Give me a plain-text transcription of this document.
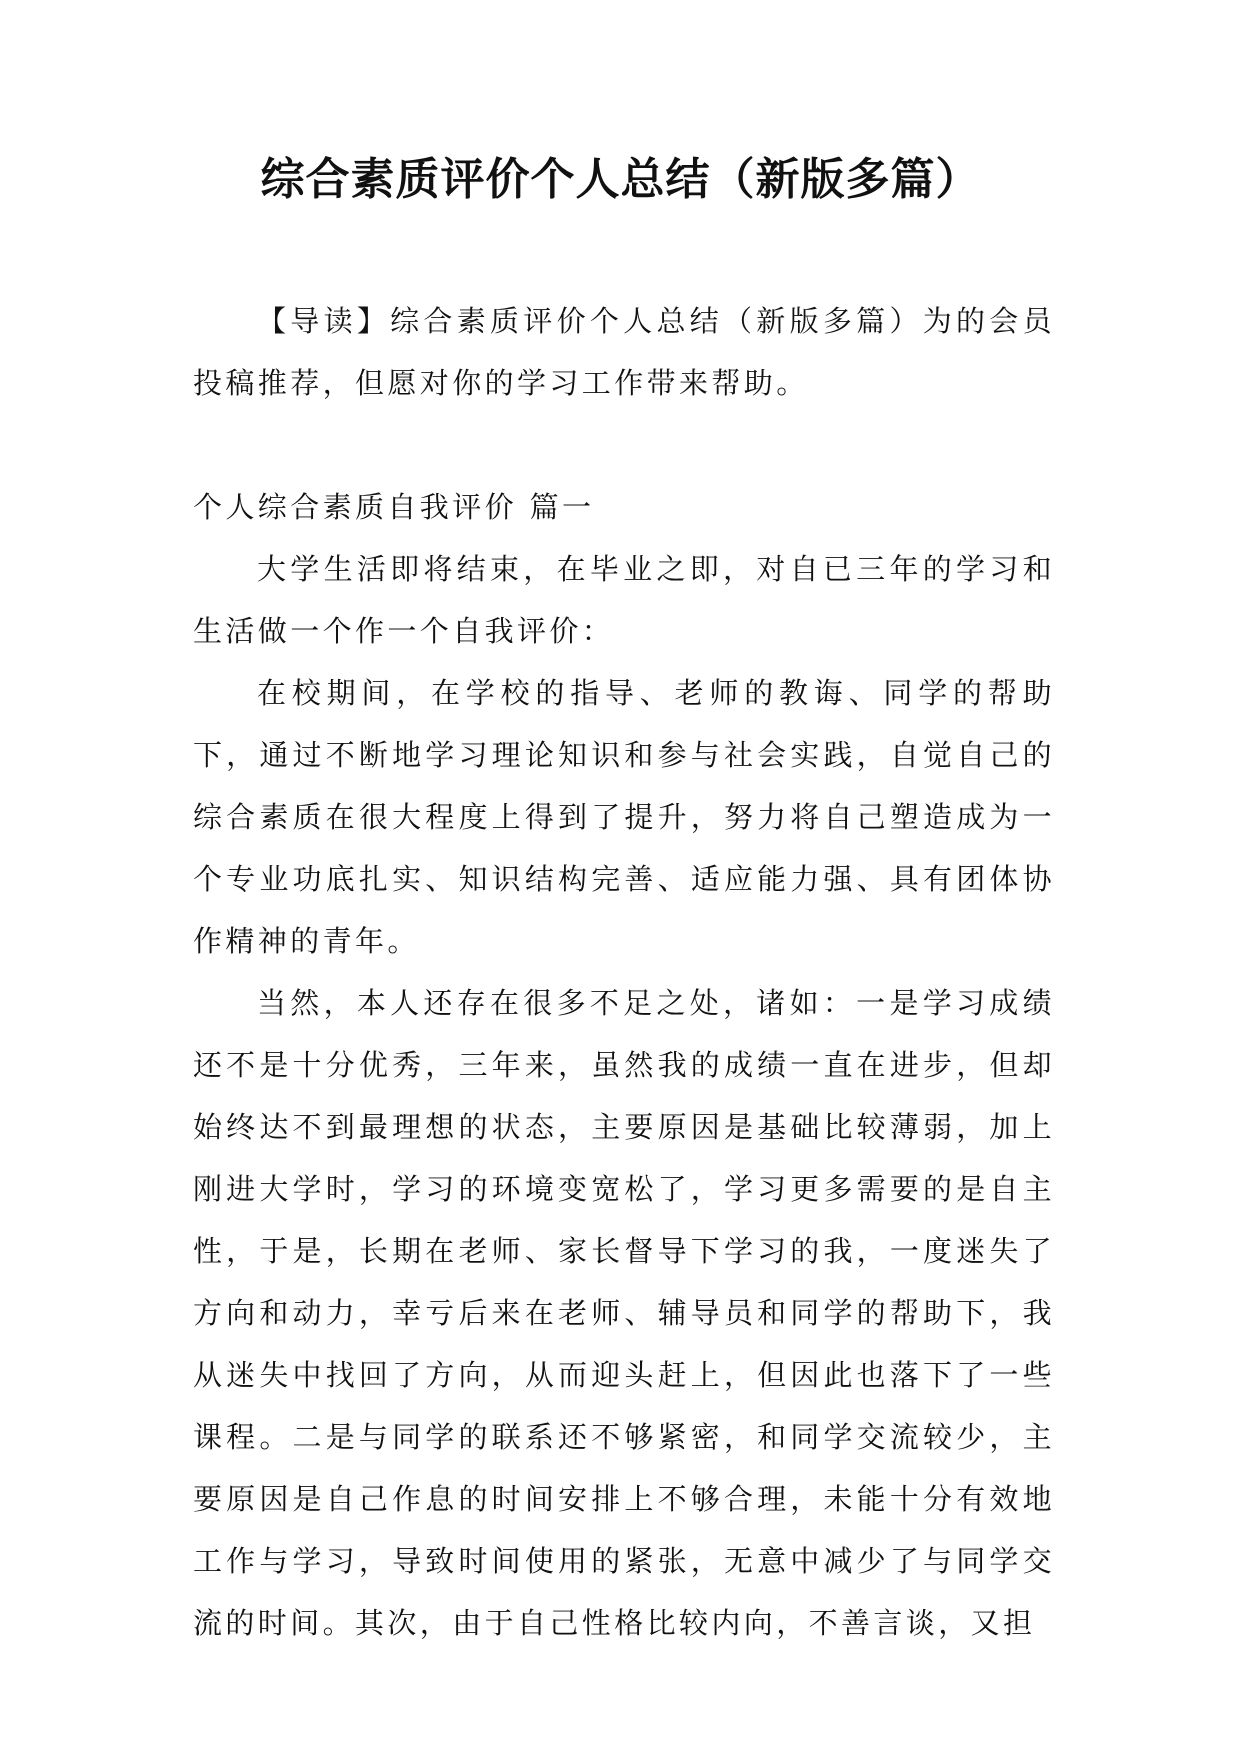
综合素质评价个人总结（新版多篇）

【导读】综合素质评价个人总结（新版多篇）为的会员投稿推荐，但愿对你的学习工作带来帮助。

个人综合素质自我评价 篇一

大学生活即将结束，在毕业之即，对自已三年的学习和生活做一个作一个自我评价：

在校期间，在学校的指导、老师的教诲、同学的帮助下，通过不断地学习理论知识和参与社会实践，自觉自己的综合素质在很大程度上得到了提升，努力将自己塑造成为一个专业功底扎实、知识结构完善、适应能力强、具有团体协作精神的青年。

当然，本人还存在很多不足之处，诸如：一是学习成绩还不是十分优秀，三年来，虽然我的成绩一直在进步，但却始终达不到最理想的状态，主要原因是基础比较薄弱，加上刚进大学时，学习的环境变宽松了，学习更多需要的是自主性，于是，长期在老师、家长督导下学习的我，一度迷失了方向和动力，幸亏后来在老师、辅导员和同学的帮助下，我从迷失中找回了方向，从而迎头赶上，但因此也落下了一些课程。二是与同学的联系还不够紧密，和同学交流较少，主要原因是自己作息的时间安排上不够合理，未能十分有效地工作与学习，导致时间使用的紧张，无意中减少了与同学交流的时间。其次，由于自己性格比较内向，不善言谈，又担
